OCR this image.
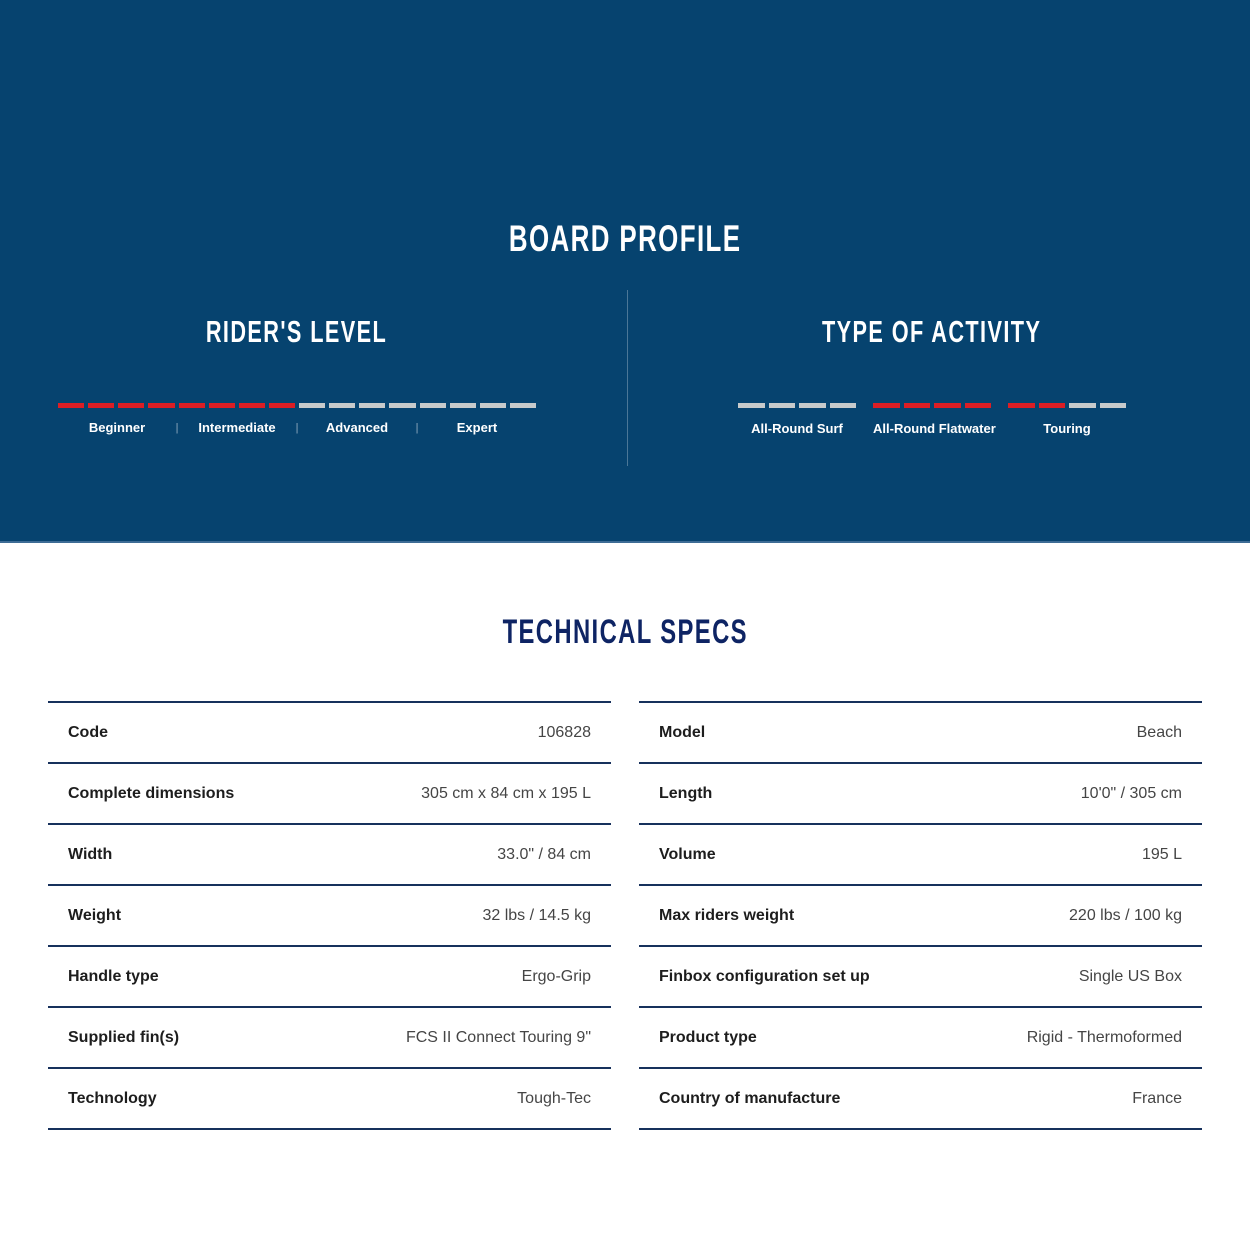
BOARD PROFILE
RIDER'S LEVEL
Beginner	|	Intermediate	|	Advanced	|	Expert
TYPE OF ACTIVITY
All-Round Surf	All-Round Flatwater	Touring
TECHNICAL SPECS
Code	106828
Complete dimensions	305 cm x 84 cm x 195 L
Width	33.0" / 84 cm
Weight	32 lbs / 14.5 kg
Handle type	Ergo-Grip
Supplied fin(s)	FCS II Connect Touring 9"
Technology	Tough-Tec
Model	Beach
Length	10'0" / 305 cm
Volume	195 L
Max riders weight	220 lbs / 100 kg
Finbox configuration set up	Single US Box
Product type	Rigid - Thermoformed
Country of manufacture	France
